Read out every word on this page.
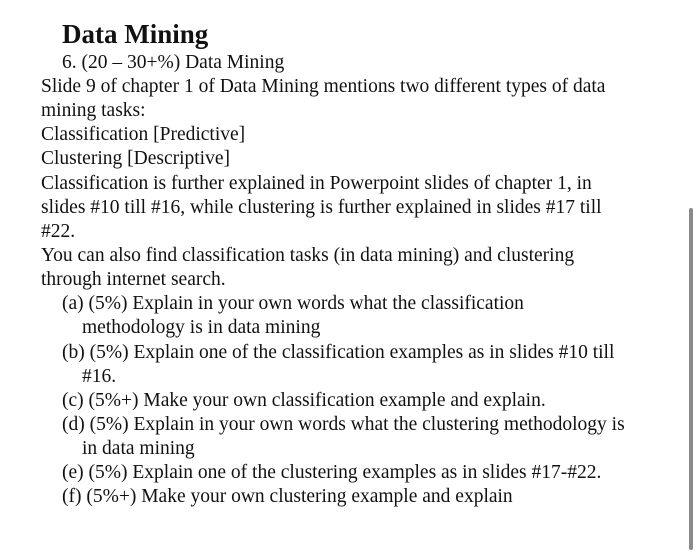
Data Mining
6. (20 – 30+%) Data Mining
Slide 9 of chapter 1 of Data Mining mentions two different types of data
mining tasks:
Classification [Predictive]
Clustering [Descriptive]
Classification is further explained in Powerpoint slides of chapter 1, in
slides #10 till #16, while clustering is further explained in slides #17 till
#22.
You can also find classification tasks (in data mining) and clustering
through internet search.
(a) (5%) Explain in your own words what the classification
methodology is in data mining
(b) (5%) Explain one of the classification examples as in slides #10 till
#16.
(c) (5%+) Make your own classification example and explain.
(d) (5%) Explain in your own words what the clustering methodology is
in data mining
(e) (5%) Explain one of the clustering examples as in slides #17-#22.
(f) (5%+) Make your own clustering example and explain
